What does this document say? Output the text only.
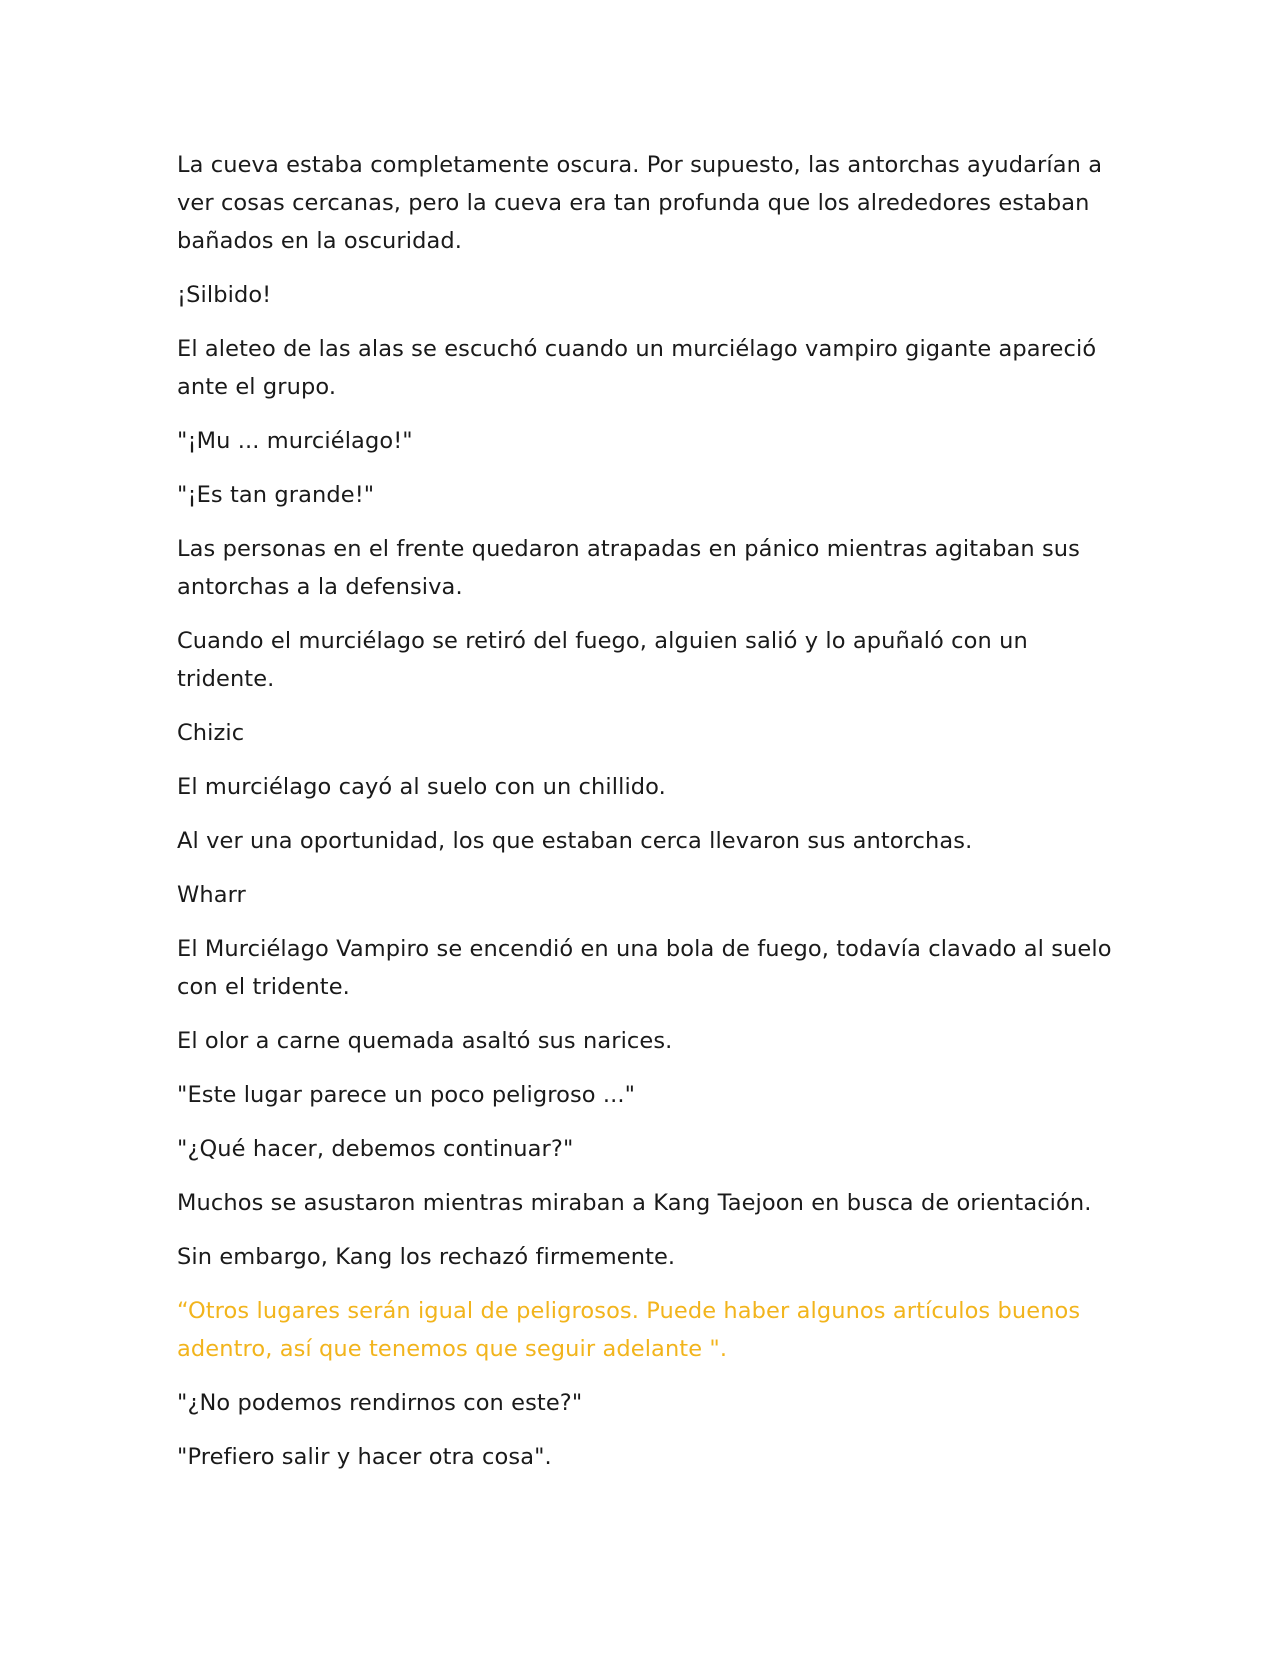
La cueva estaba completamente oscura. Por supuesto, las antorchas ayudarían a ver cosas cercanas, pero la cueva era tan profunda que los alrededores estaban bañados en la oscuridad.

¡Silbido!

El aleteo de las alas se escuchó cuando un murciélago vampiro gigante apareció ante el grupo.

"¡Mu ... murciélago!"

"¡Es tan grande!"

Las personas en el frente quedaron atrapadas en pánico mientras agitaban sus antorchas a la defensiva.

Cuando el murciélago se retiró del fuego, alguien salió y lo apuñaló con un tridente.

Chizic

El murciélago cayó al suelo con un chillido.

Al ver una oportunidad, los que estaban cerca llevaron sus antorchas.

Wharr

El Murciélago Vampiro se encendió en una bola de fuego, todavía clavado al suelo con el tridente.

El olor a carne quemada asaltó sus narices.

"Este lugar parece un poco peligroso ..."

"¿Qué hacer, debemos continuar?"

Muchos se asustaron mientras miraban a Kang Taejoon en busca de orientación.

Sin embargo, Kang los rechazó firmemente.

“Otros lugares serán igual de peligrosos. Puede haber algunos artículos buenos adentro, así que tenemos que seguir adelante ".

"¿No podemos rendirnos con este?"

"Prefiero salir y hacer otra cosa".
